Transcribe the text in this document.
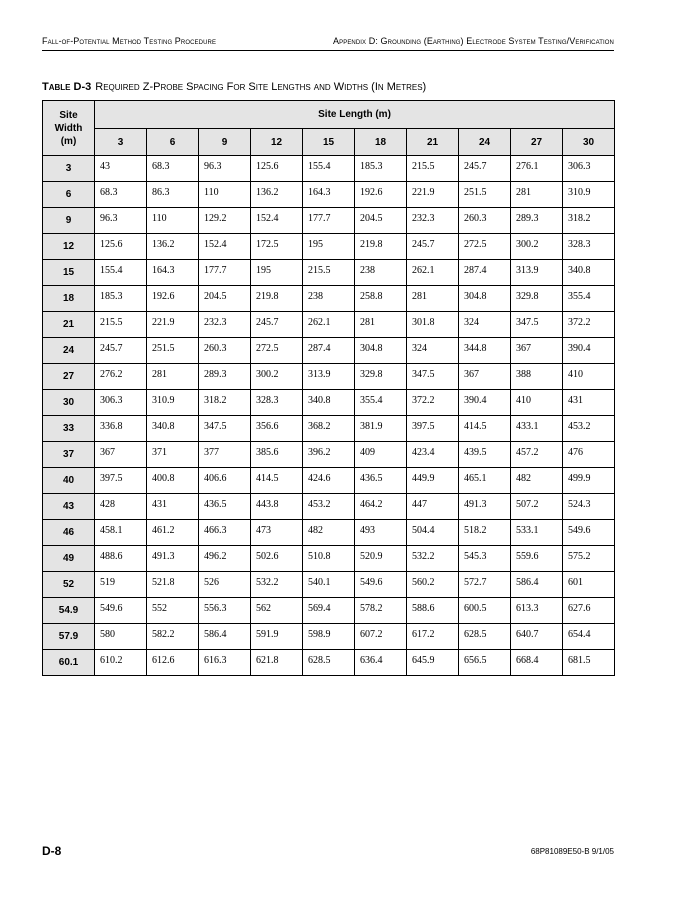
Fall-of-Potential Method Testing Procedure	Appendix D: Grounding (Earthing) Electrode System Testing/Verification
Table D-3 Required Z-Probe Spacing For Site Lengths and Widths (In Metres)
Site
Width
(m)	Site Length (m)									
	3	6	9	12	15	18	21	24	27	30
3	43	68.3	96.3	125.6	155.4	185.3	215.5	245.7	276.1	306.3
6	68.3	86.3	110	136.2	164.3	192.6	221.9	251.5	281	310.9
9	96.3	110	129.2	152.4	177.7	204.5	232.3	260.3	289.3	318.2
12	125.6	136.2	152.4	172.5	195	219.8	245.7	272.5	300.2	328.3
15	155.4	164.3	177.7	195	215.5	238	262.1	287.4	313.9	340.8
18	185.3	192.6	204.5	219.8	238	258.8	281	304.8	329.8	355.4
21	215.5	221.9	232.3	245.7	262.1	281	301.8	324	347.5	372.2
24	245.7	251.5	260.3	272.5	287.4	304.8	324	344.8	367	390.4
27	276.2	281	289.3	300.2	313.9	329.8	347.5	367	388	410
30	306.3	310.9	318.2	328.3	340.8	355.4	372.2	390.4	410	431
33	336.8	340.8	347.5	356.6	368.2	381.9	397.5	414.5	433.1	453.2
37	367	371	377	385.6	396.2	409	423.4	439.5	457.2	476
40	397.5	400.8	406.6	414.5	424.6	436.5	449.9	465.1	482	499.9
43	428	431	436.5	443.8	453.2	464.2	447	491.3	507.2	524.3
46	458.1	461.2	466.3	473	482	493	504.4	518.2	533.1	549.6
49	488.6	491.3	496.2	502.6	510.8	520.9	532.2	545.3	559.6	575.2
52	519	521.8	526	532.2	540.1	549.6	560.2	572.7	586.4	601
54.9	549.6	552	556.3	562	569.4	578.2	588.6	600.5	613.3	627.6
57.9	580	582.2	586.4	591.9	598.9	607.2	617.2	628.5	640.7	654.4
60.1	610.2	612.6	616.3	621.8	628.5	636.4	645.9	656.5	668.4	681.5
D-8	68P81089E50-B 9/1/05
